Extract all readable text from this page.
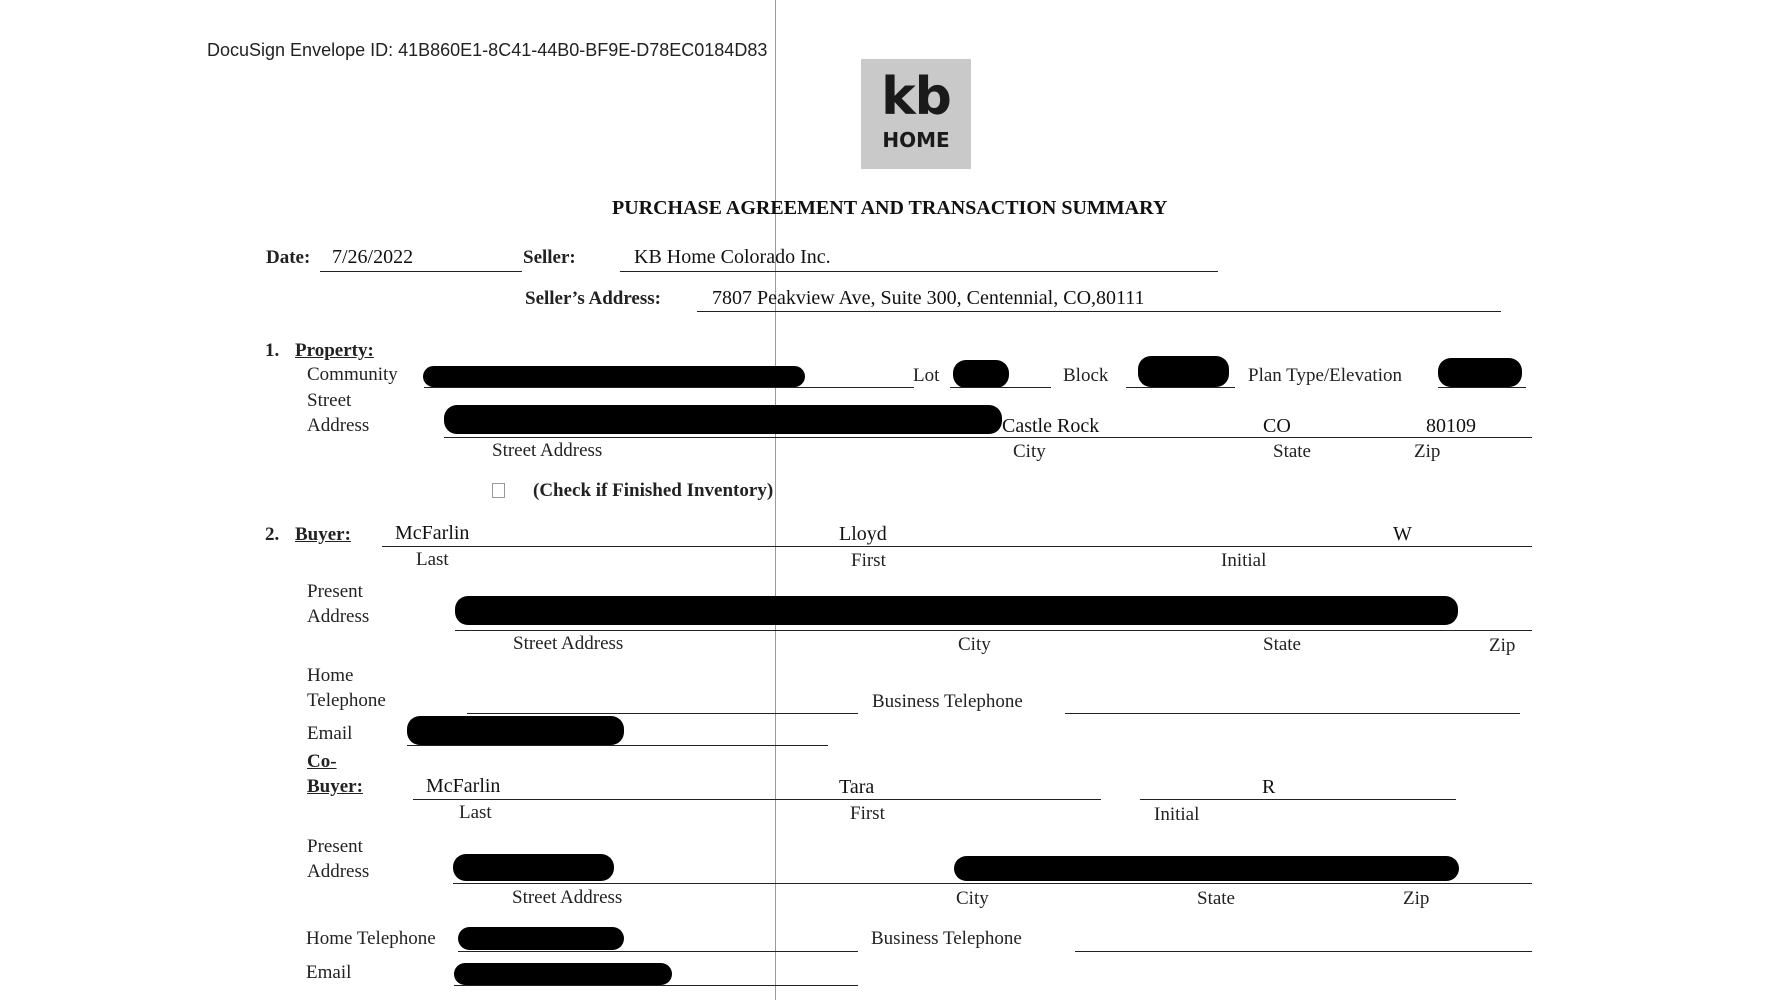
DocuSign Envelope ID: 41B860E1-8C41-44B0-BF9E-D78EC0184D83
kb
HOME
PURCHASE AGREEMENT AND TRANSACTION SUMMARY
Date: 7/26/2022	Seller:	KB Home Colorado Inc.
Seller’s Address:	7807 Peakview Ave, Suite 300, Centennial, CO,80111
1. Property:
Community	Lot	Block	Plan Type/Elevation
Street
Address	Castle Rock	CO	80109
Street Address	City	State	Zip
(Check if Finished Inventory)
2. Buyer: McFarlin	Lloyd	W
Last	First	Initial
Present
Address
Street Address	City	State	Zip
Home
Telephone	Business Telephone
Email
Co-
Buyer:	McFarlin	Tara	R
Last	First	Initial
Present
Address
Street Address	City	State	Zip
Home Telephone	Business Telephone
Email
